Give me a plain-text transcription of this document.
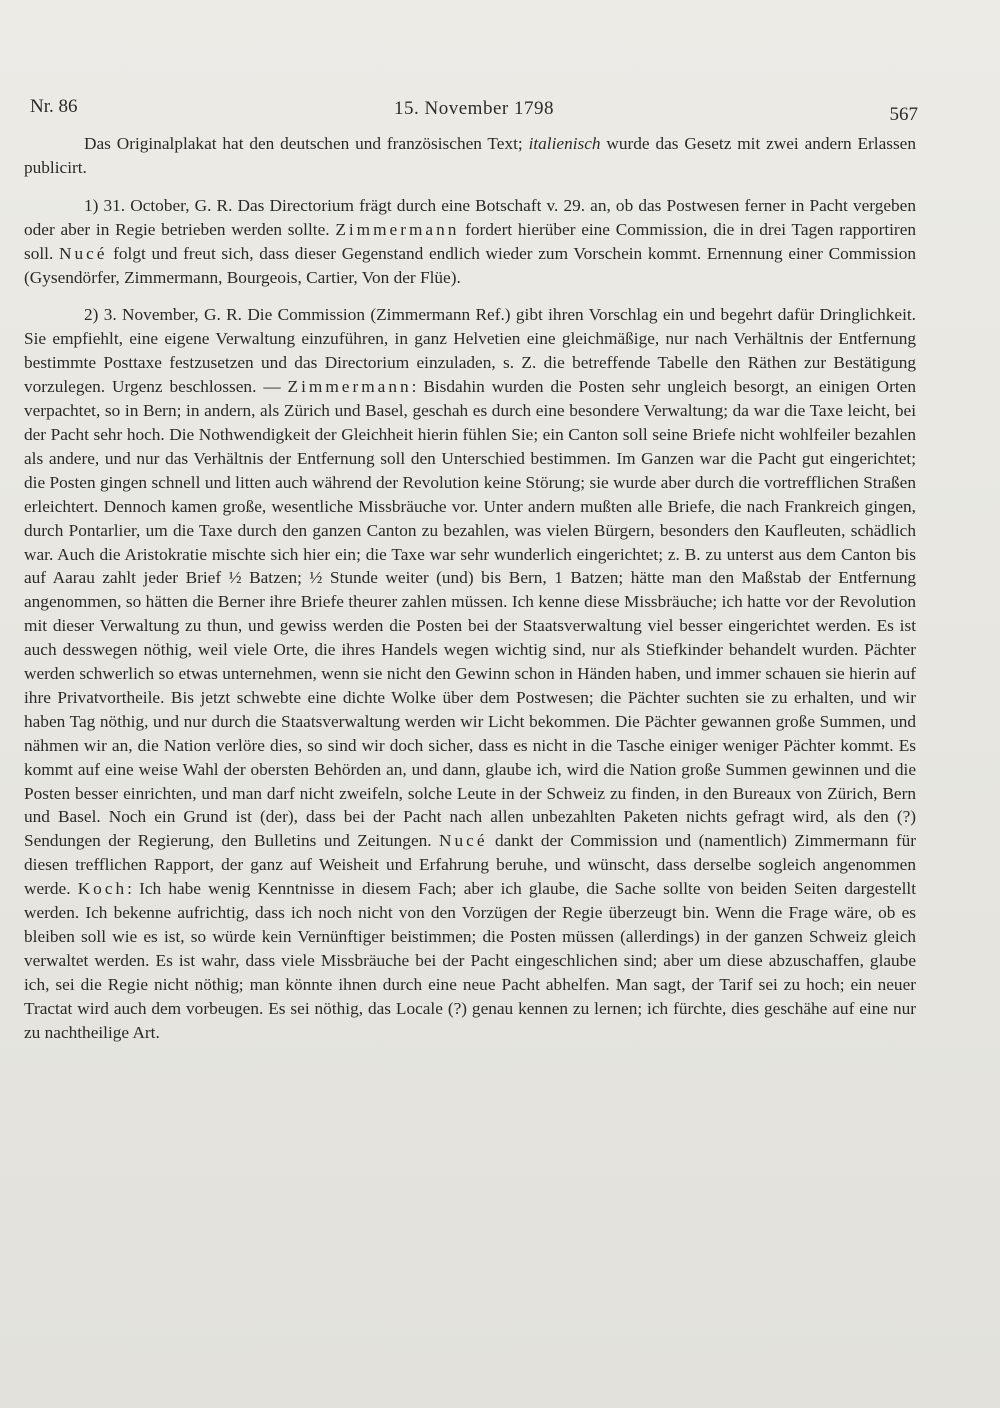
Nr. 86	15. November 1798	567

Das Originalplakat hat den deutschen und französischen Text; italienisch wurde das Gesetz mit zwei andern Erlassen publicirt.

1) 31. October, G. R. Das Directorium frägt durch eine Botschaft v. 29. an, ob das Postwesen ferner in Pacht vergeben oder aber in Regie betrieben werden sollte. Zimmermann fordert hierüber eine Commission, die in drei Tagen rapportiren soll. Nucé folgt und freut sich, dass dieser Gegenstand endlich wieder zum Vorschein kommt. Ernennung einer Commission (Gysendörfer, Zimmermann, Bourgeois, Cartier, Von der Flüe).

2) 3. November, G. R. Die Commission (Zimmermann Ref.) gibt ihren Vorschlag ein und begehrt dafür Dringlichkeit. Sie empfiehlt, eine eigene Verwaltung einzuführen, in ganz Helvetien eine gleichmäßige, nur nach Verhältnis der Entfernung bestimmte Posttaxe festzusetzen und das Directorium einzuladen, s. Z. die betreffende Tabelle den Räthen zur Bestätigung vorzulegen. Urgenz beschlossen. — Zimmermann: Bisdahin wurden die Posten sehr ungleich besorgt, an einigen Orten verpachtet, so in Bern; in andern, als Zürich und Basel, geschah es durch eine besondere Verwaltung; da war die Taxe leicht, bei der Pacht sehr hoch. Die Nothwendigkeit der Gleichheit hierin fühlen Sie; ein Canton soll seine Briefe nicht wohlfeiler bezahlen als andere, und nur das Verhältnis der Entfernung soll den Unterschied bestimmen. Im Ganzen war die Pacht gut eingerichtet; die Posten gingen schnell und litten auch während der Revolution keine Störung; sie wurde aber durch die vortrefflichen Straßen erleichtert. Dennoch kamen große, wesentliche Missbräuche vor. Unter andern mußten alle Briefe, die nach Frankreich gingen, durch Pontarlier, um die Taxe durch den ganzen Canton zu bezahlen, was vielen Bürgern, besonders den Kaufleuten, schädlich war. Auch die Aristokratie mischte sich hier ein; die Taxe war sehr wunderlich eingerichtet; z. B. zu unterst aus dem Canton bis auf Aarau zahlt jeder Brief ½ Batzen; ½ Stunde weiter (und) bis Bern, 1 Batzen; hätte man den Maßstab der Entfernung angenommen, so hätten die Berner ihre Briefe theurer zahlen müssen. Ich kenne diese Missbräuche; ich hatte vor der Revolution mit dieser Verwaltung zu thun, und gewiss werden die Posten bei der Staatsverwaltung viel besser eingerichtet werden. Es ist auch desswegen nöthig, weil viele Orte, die ihres Handels wegen wichtig sind, nur als Stiefkinder behandelt wurden. Pächter werden schwerlich so etwas unternehmen, wenn sie nicht den Gewinn schon in Händen haben, und immer schauen sie hierin auf ihre Privatvortheile. Bis jetzt schwebte eine dichte Wolke über dem Postwesen; die Pächter suchten sie zu erhalten, und wir haben Tag nöthig, und nur durch die Staatsverwaltung werden wir Licht bekommen. Die Pächter gewannen große Summen, und nähmen wir an, die Nation verlöre dies, so sind wir doch sicher, dass es nicht in die Tasche einiger weniger Pächter kommt. Es kommt auf eine weise Wahl der obersten Behörden an, und dann, glaube ich, wird die Nation große Summen gewinnen und die Posten besser einrichten, und man darf nicht zweifeln, solche Leute in der Schweiz zu finden, in den Bureaux von Zürich, Bern und Basel. Noch ein Grund ist (der), dass bei der Pacht nach allen unbezahlten Paketen nichts gefragt wird, als den (?) Sendungen der Regierung, den Bulletins und Zeitungen. Nucé dankt der Commission und (namentlich) Zimmermann für diesen trefflichen Rapport, der ganz auf Weisheit und Erfahrung beruhe, und wünscht, dass derselbe sogleich angenommen werde. Koch: Ich habe wenig Kenntnisse in diesem Fach; aber ich glaube, die Sache sollte von beiden Seiten dargestellt werden. Ich bekenne aufrichtig, dass ich noch nicht von den Vorzügen der Regie überzeugt bin. Wenn die Frage wäre, ob es bleiben soll wie es ist, so würde kein Vernünftiger beistimmen; die Posten müssen (allerdings) in der ganzen Schweiz gleich verwaltet werden. Es ist wahr, dass viele Missbräuche bei der Pacht eingeschlichen sind; aber um diese abzuschaffen, glaube ich, sei die Regie nicht nöthig; man könnte ihnen durch eine neue Pacht abhelfen. Man sagt, der Tarif sei zu hoch; ein neuer Tractat wird auch dem vorbeugen. Es sei nöthig, das Locale (?) genau kennen zu lernen; ich fürchte, dies geschähe auf eine nur zu nachtheilige Art.
